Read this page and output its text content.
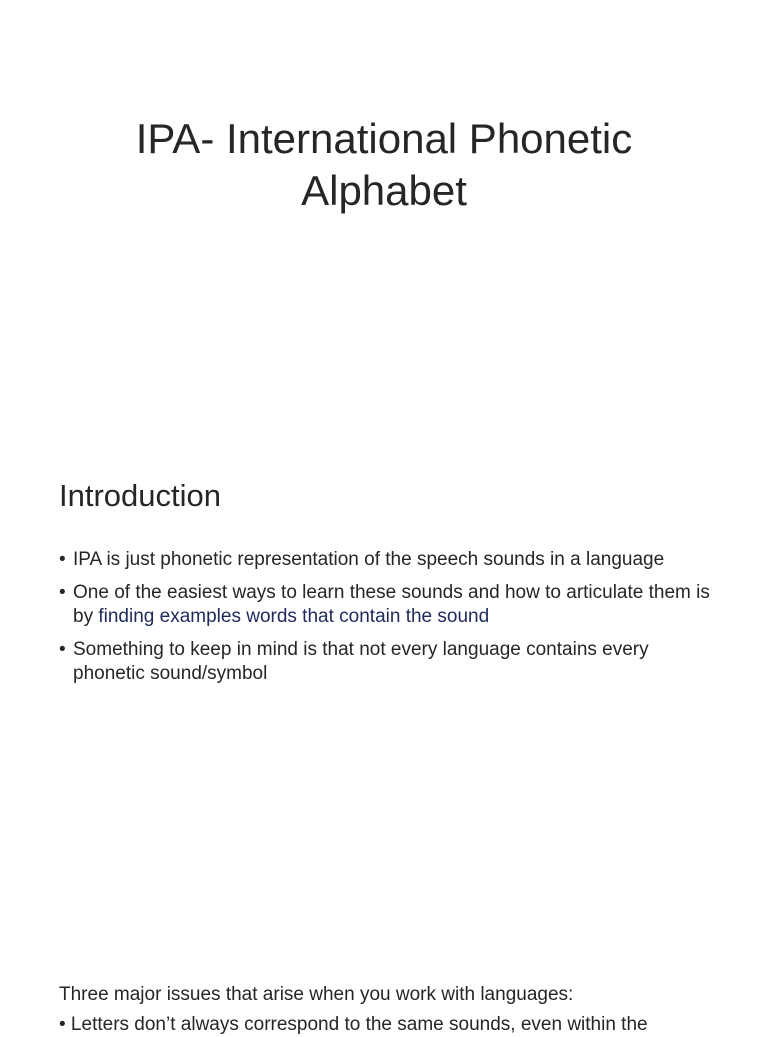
IPA- International Phonetic
Alphabet
Introduction
• IPA is just phonetic representation of the speech sounds in a language
• One of the easiest ways to learn these sounds and how to articulate them is by finding examples words that contain the sound
• Something to keep in mind is that not every language contains every phonetic sound/symbol

Three major issues that arise when you work with languages:

• Letters don’t always correspond to the same sounds, even within the
